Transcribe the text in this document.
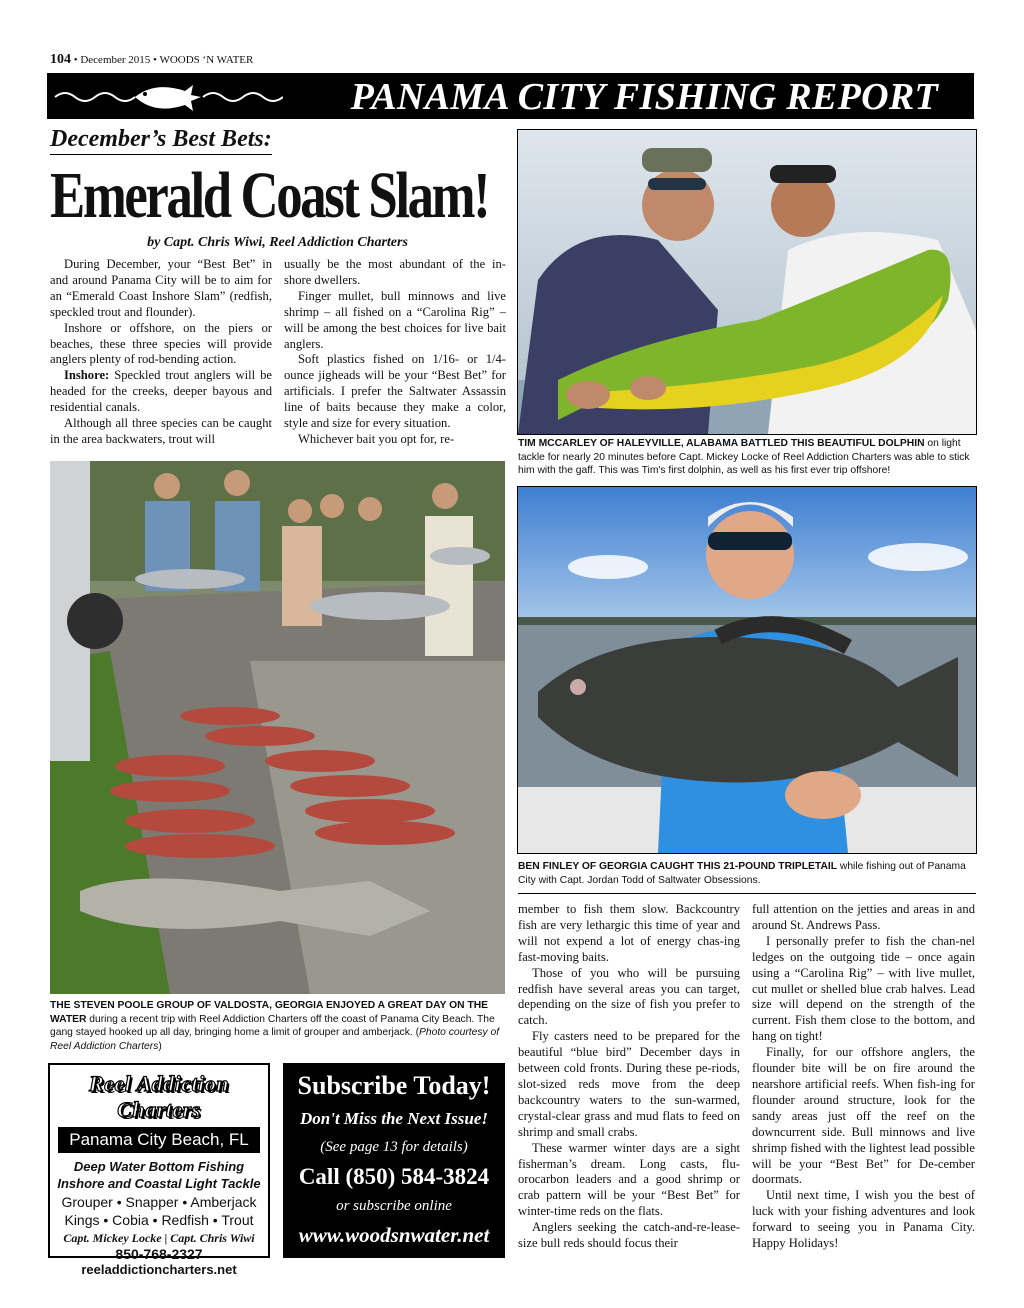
104 • December 2015 • WOODS ‘N WATER
PANAMA CITY FISHING REPORT
December’s Best Bets:
Emerald Coast Slam!
by Capt. Chris Wiwi, Reel Addiction Charters

During December, your “Best Bet” in and around Panama City will be to aim for an “Emerald Coast Inshore Slam” (redfish, speckled trout and flounder).

Inshore or offshore, on the piers or beaches, these three species will provide anglers plenty of rod-bending action.

Inshore: Speckled trout anglers will be headed for the creeks, deeper bayous and residential canals.

Although all three species can be caught in the area backwaters, trout will

usually be the most abundant of the in-shore dwellers.

Finger mullet, bull minnows and live shrimp – all fished on a “Carolina Rig” – will be among the best choices for live bait anglers.

Soft plastics fished on 1/16- or 1/4-ounce jigheads will be your “Best Bet” for artificials. I prefer the Saltwater Assassin line of baits because they make a color, style and size for every situation.

Whichever bait you opt for, re-	TIM MCCARLEY OF HALEYVILLE, ALABAMA BATTLED THIS BEAUTIFUL DOLPHIN on light tackle for nearly 20 minutes before Capt. Mickey Locke of Reel Addiction Charters was able to stick him with the gaff. This was Tim's first dolphin, as well as his first ever trip offshore!
BEN FINLEY OF GEORGIA CAUGHT THIS 21-POUND TRIPLETAIL while fishing out of Panama City with Capt. Jordan Todd of Saltwater Obsessions.
THE STEVEN POOLE GROUP OF VALDOSTA, GEORGIA ENJOYED A GREAT DAY ON THE WATER during a recent trip with Reel Addiction Charters off the coast of Panama City Beach. The gang stayed hooked up all day, bringing home a limit of grouper and amberjack. (Photo courtesy of Reel Addiction Charters)

member to fish them slow. Backcountry fish are very lethargic this time of year and will not expend a lot of energy chas-ing fast-moving baits.

Those of you who will be pursuing redfish have several areas you can target, depending on the size of fish you prefer to catch.

Fly casters need to be prepared for the beautiful “blue bird” December days in between cold fronts. During these pe-riods, slot-sized reds move from the deep backcountry waters to the sun-warmed, crystal-clear grass and mud flats to feed on shrimp and small crabs.

These warmer winter days are a sight fisherman’s dream. Long casts, flu-orocarbon leaders and a good shrimp or crab pattern will be your “Best Bet” for winter-time reds on the flats.

Anglers seeking the catch-and-re-lease-size bull reds should focus their

full attention on the jetties and areas in and around St. Andrews Pass.

I personally prefer to fish the chan-nel ledges on the outgoing tide – once again using a “Carolina Rig” – with live mullet, cut mullet or shelled blue crab halves. Lead size will depend on the strength of the current. Fish them close to the bottom, and hang on tight!

Finally, for our offshore anglers, the flounder bite will be on fire around the nearshore artificial reefs. When fish-ing for flounder around structure, look for the sandy areas just off the reef on the downcurrent side. Bull minnows and live shrimp fished with the lightest lead possible will be your “Best Bet” for De-cember doormats.

Until next time, I wish you the best of luck with your fishing adventures and look forward to seeing you in Panama City. Happy Holidays!

Reel Addiction Charters
Panama City Beach, FL
Deep Water Bottom Fishing
Inshore and Coastal Light Tackle
Grouper • Snapper • Amberjack
Kings • Cobia • Redfish • Trout
Capt. Mickey Locke | Capt. Chris Wiwi
850-768-2327
reeladdictioncharters.net
Subscribe Today!
Don't Miss the Next Issue!
(See page 13 for details)
Call (850) 584-3824
or subscribe online
www.woodsnwater.net
